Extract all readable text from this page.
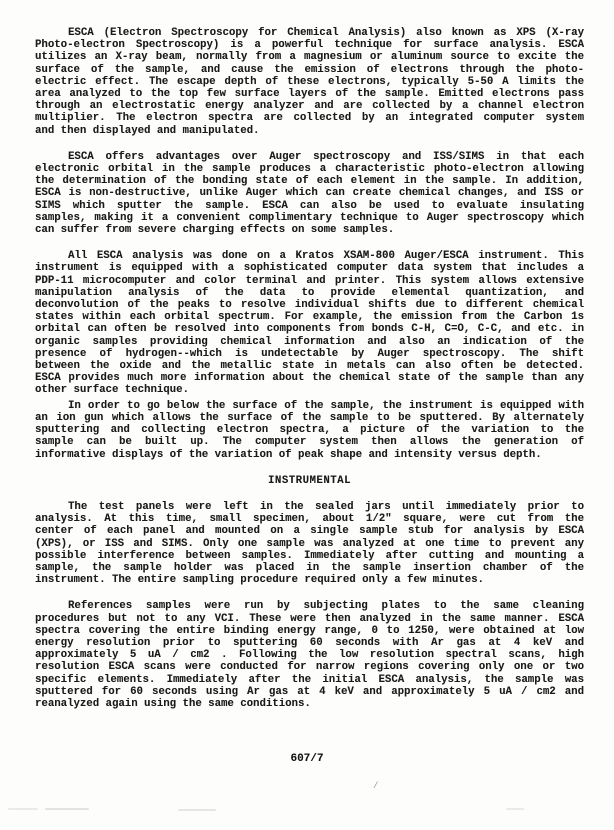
ESCA (Electron Spectroscopy for Chemical Analysis) also known as XPS (X-ray
Photo-electron Spectroscopy) is a powerful technique for surface analysis. ESCA
utilizes an X-ray beam, normally from a magnesium or aluminum source to excite the
surface of the sample, and cause the emission of electrons through the photo-
electric effect. The escape depth of these electrons, typically 5-50 A limits the
area analyzed to the top few surface layers of the sample. Emitted electrons pass
through an electrostatic energy analyzer and are collected by a channel electron
multiplier. The electron spectra are collected by an integrated computer system
and then displayed and manipulated.
ESCA offers advantages over Auger spectroscopy and ISS/SIMS in that each
electronic orbital in the sample produces a characteristic photo-electron allowing
the determination of the bonding state of each element in the sample. In addition,
ESCA is non-destructive, unlike Auger which can create chemical changes, and ISS or
SIMS which sputter the sample. ESCA can also be used to evaluate insulating
samples, making it a convenient complimentary technique to Auger spectroscopy which
can suffer from severe charging effects on some samples.
All ESCA analysis was done on a Kratos XSAM-800 Auger/ESCA instrument. This
instrument is equipped with a sophisticated computer data system that includes a
PDP-11 microcomputer and color terminal and printer. This system allows extensive
manipulation analysis of the data to provide elemental quantization, and
deconvolution of the peaks to resolve individual shifts due to different chemical
states within each orbital spectrum. For example, the emission from the Carbon 1s
orbital can often be resolved into components from bonds C-H, C=O, C-C, and etc. in
organic samples providing chemical information and also an indication of the
presence of hydrogen--which is undetectable by Auger spectroscopy. The shift
between the oxide and the metallic state in metals can also often be detected.
ESCA provides much more information about the chemical state of the sample than any
other surface technique.
In order to go below the surface of the sample, the instrument is equipped with
an ion gun which allows the surface of the sample to be sputtered. By alternately
sputtering and collecting electron spectra, a picture of the variation to the
sample can be built up. The computer system then allows the generation of
informative displays of the variation of peak shape and intensity versus depth.
INSTRUMENTAL
The test panels were left in the sealed jars until immediately prior to
analysis. At this time, small specimen, about 1/2" square, were cut from the
center of each panel and mounted on a single sample stub for analysis by ESCA
(XPS), or ISS and SIMS. Only one sample was analyzed at one time to prevent any
possible interference between samples. Immediately after cutting and mounting a
sample, the sample holder was placed in the sample insertion chamber of the
instrument. The entire sampling procedure required only a few minutes.
References samples were run by subjecting plates to the same cleaning
procedures but not to any VCI. These were then analyzed in the same manner. ESCA
spectra covering the entire binding energy range, 0 to 1250, were obtained at low
energy resolution prior to sputtering 60 seconds with Ar gas at 4 keV and
approximately 5 uA / cm2 . Following the low resolution spectral scans, high
resolution ESCA scans were conducted for narrow regions covering only one or two
specific elements. Immediately after the initial ESCA analysis, the sample was
sputtered for 60 seconds using Ar gas at 4 keV and approximately 5 uA / cm2 and
reanalyzed again using the same conditions.
607/7
/
